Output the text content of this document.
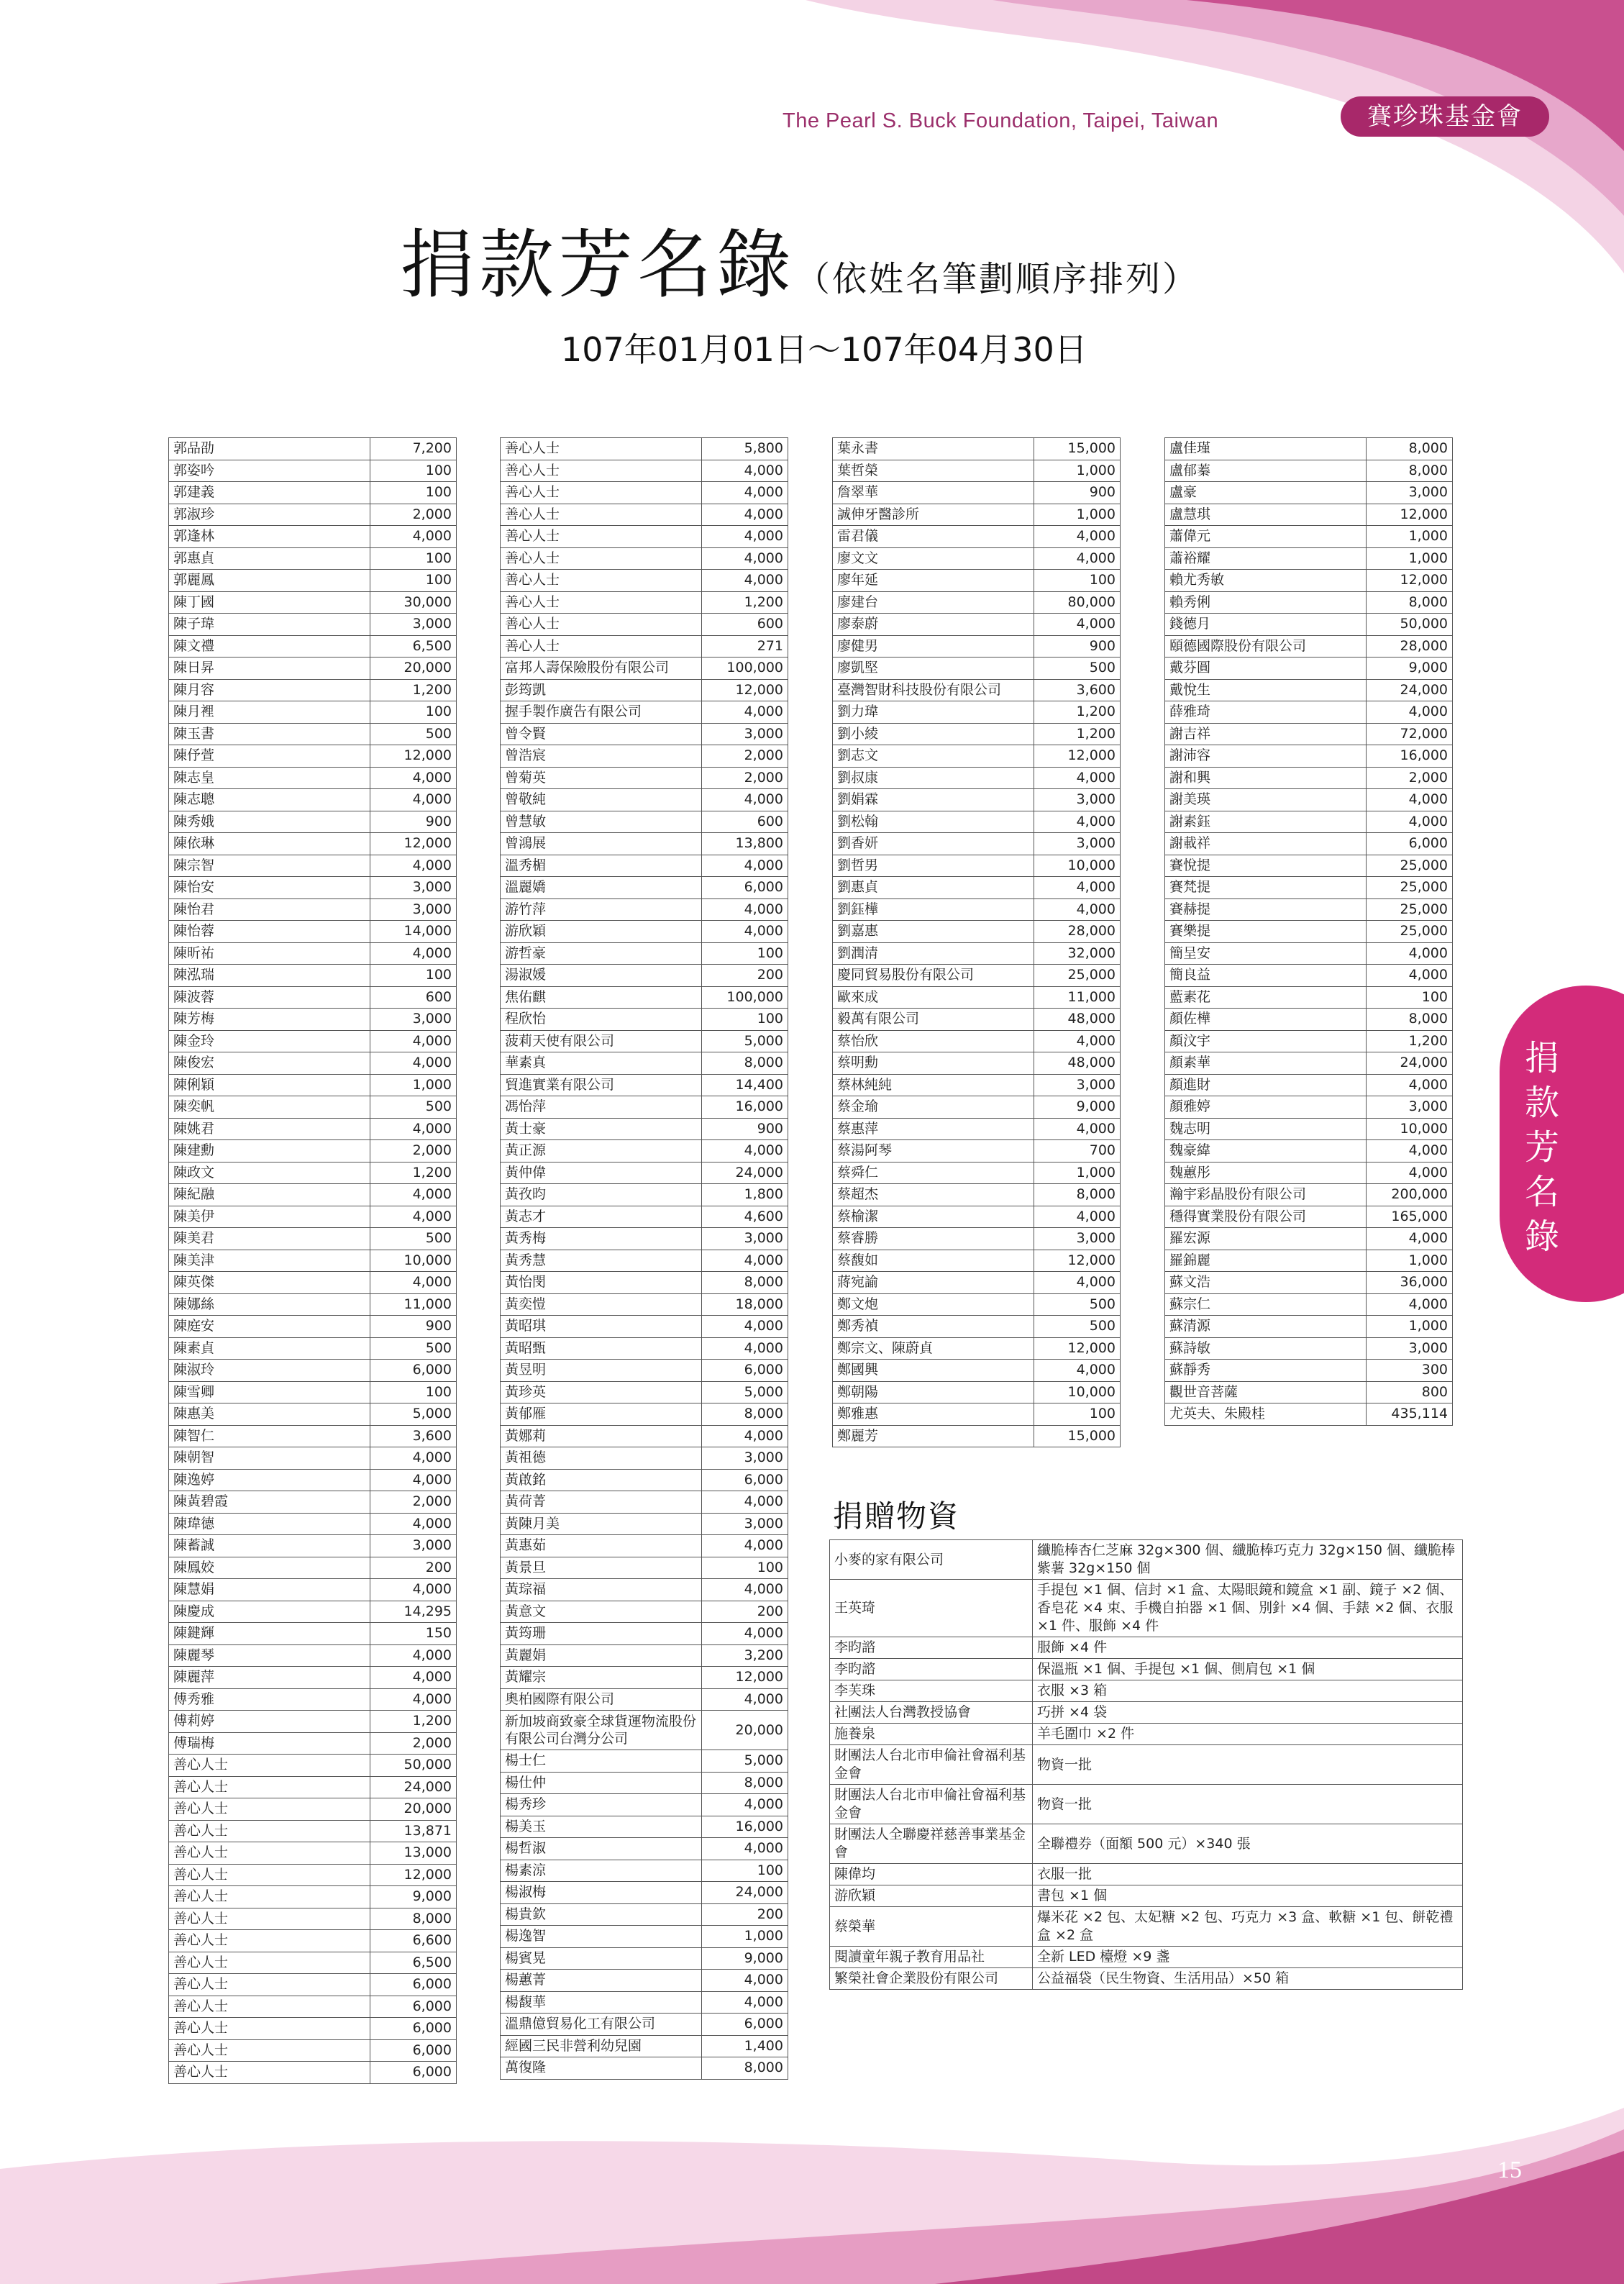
The Pearl S. Buck Foundation, Taipei, Taiwan	賽珍珠基金會
捐款芳名錄（依姓名筆劃順序排列）
107年01月01日～107年04月30日
捐款芳名錄
郭品劭	7,200
郭姿吟	100
郭建義	100
郭淑珍	2,000
郭逢林	4,000
郭惠貞	100
郭麗鳳	100
陳丁國	30,000
陳子瑋	3,000
陳文禮	6,500
陳日昇	20,000
陳月容	1,200
陳月裡	100
陳玉書	500
陳伃萱	12,000
陳志皇	4,000
陳志聰	4,000
陳秀娥	900
陳依琳	12,000
陳宗智	4,000
陳怡安	3,000
陳怡君	3,000
陳怡蓉	14,000
陳昕祐	4,000
陳泓瑞	100
陳波蓉	600
陳芳梅	3,000
陳金玲	4,000
陳俊宏	4,000
陳俐穎	1,000
陳奕帆	500
陳姚君	4,000
陳建勳	2,000
陳政文	1,200
陳紀融	4,000
陳美伊	4,000
陳美君	500
陳美津	10,000
陳英傑	4,000
陳娜絲	11,000
陳庭安	900
陳素貞	500
陳淑玲	6,000
陳雪卿	100
陳惠美	5,000
陳智仁	3,600
陳朝智	4,000
陳逸婷	4,000
陳黃碧霞	2,000
陳瑋德	4,000
陳蓄誠	3,000
陳鳳姣	200
陳慧娟	4,000
陳慶成	14,295
陳鍵輝	150
陳麗琴	4,000
陳麗萍	4,000
傅秀雅	4,000
傅莉婷	1,200
傅瑞梅	2,000
善心人士	50,000
善心人士	24,000
善心人士	20,000
善心人士	13,871
善心人士	13,000
善心人士	12,000
善心人士	9,000
善心人士	8,000
善心人士	6,600
善心人士	6,500
善心人士	6,000
善心人士	6,000
善心人士	6,000
善心人士	6,000
善心人士	6,000
善心人士	5,800
善心人士	4,000
善心人士	4,000
善心人士	4,000
善心人士	4,000
善心人士	4,000
善心人士	4,000
善心人士	1,200
善心人士	600
善心人士	271
富邦人壽保險股份有限公司	100,000
彭筠凱	12,000
握手製作廣告有限公司	4,000
曾令賢	3,000
曾浩宸	2,000
曾菊英	2,000
曾敬純	4,000
曾慧敏	600
曾鴻展	13,800
溫秀楣	4,000
溫麗嬌	6,000
游竹萍	4,000
游欣穎	4,000
游哲豪	100
湯淑媛	200
焦佑麒	100,000
程欣怡	100
菠莉天使有限公司	5,000
華素真	8,000
貿進實業有限公司	14,400
馮怡萍	16,000
黃士豪	900
黃正源	4,000
黃仲偉	24,000
黃孜昀	1,800
黃志才	4,600
黃秀梅	3,000
黃秀慧	4,000
黃怡閔	8,000
黃奕愷	18,000
黃昭琪	4,000
黃昭甄	4,000
黃昱明	6,000
黃珍英	5,000
黃郁雁	8,000
黃娜莉	4,000
黃祖德	3,000
黃啟銘	6,000
黃荷菁	4,000
黃陳月美	3,000
黃惠茹	4,000
黃景旦	100
黃琮福	4,000
黃意文	200
黃筠珊	4,000
黃麗娟	3,200
黃耀宗	12,000
奧柏國際有限公司	4,000
新加坡商致豪全球貨運物流股份有限公司台灣分公司	20,000
楊士仁	5,000
楊仕仲	8,000
楊秀珍	4,000
楊美玉	16,000
楊哲淑	4,000
楊素涼	100
楊淑梅	24,000
楊貴欽	200
楊逸智	1,000
楊賓晃	9,000
楊蕙菁	4,000
楊馥華	4,000
溫鼎億貿易化工有限公司	6,000
經國三民非營利幼兒園	1,400
萬復隆	8,000
葉永書	15,000
葉哲榮	1,000
詹翠華	900
誠伸牙醫診所	1,000
雷君儀	4,000
廖文文	4,000
廖年延	100
廖建台	80,000
廖泰蔚	4,000
廖健男	900
廖凱堅	500
臺灣智財科技股份有限公司	3,600
劉力瑋	1,200
劉小綾	1,200
劉志文	12,000
劉叔康	4,000
劉娟霖	3,000
劉松翰	4,000
劉香妍	3,000
劉哲男	10,000
劉惠貞	4,000
劉鈺樺	4,000
劉嘉惠	28,000
劉潤清	32,000
慶同貿易股份有限公司	25,000
歐來成	11,000
毅萬有限公司	48,000
蔡怡欣	4,000
蔡明勳	48,000
蔡林純純	3,000
蔡金瑜	9,000
蔡惠萍	4,000
蔡湯阿琴	700
蔡舜仁	1,000
蔡超杰	8,000
蔡榆潔	4,000
蔡睿勝	3,000
蔡馥如	12,000
蔣宛諭	4,000
鄭文炮	500
鄭秀禎	500
鄭宗文、陳蔚貞	12,000
鄭國興	4,000
鄭朝陽	10,000
鄭雅惠	100
鄭麗芳	15,000
盧佳瑾	8,000
盧郁蓁	8,000
盧豪	3,000
盧慧琪	12,000
蕭偉元	1,000
蕭裕耀	1,000
賴尤秀敏	12,000
賴秀俐	8,000
錢德月	50,000
頤德國際股份有限公司	28,000
戴芬圓	9,000
戴悅生	24,000
薛雅琦	4,000
謝吉祥	72,000
謝沛容	16,000
謝和興	2,000
謝美瑛	4,000
謝素鈺	4,000
謝載祥	6,000
賽悅提	25,000
賽梵提	25,000
賽赫提	25,000
賽樂提	25,000
簡呈安	4,000
簡良益	4,000
藍素花	100
顏佐樺	8,000
顏汶宇	1,200
顏素華	24,000
顏進財	4,000
顏雅婷	3,000
魏志明	10,000
魏豪緯	4,000
魏蕙彤	4,000
瀚宇彩晶股份有限公司	200,000
穩得實業股份有限公司	165,000
羅宏源	4,000
羅錦麗	1,000
蘇文浩	36,000
蘇宗仁	4,000
蘇清源	1,000
蘇詩敏	3,000
蘇靜秀	300
觀世音菩薩	800
尤英夫、朱殿桂	435,114
捐贈物資
小麥的家有限公司	纖脆棒杏仁芝麻 32g×300 個、纖脆棒巧克力 32g×150 個、纖脆棒紫薯 32g×150 個
王英琦	手提包 ×1 個、信封 ×1 盒、太陽眼鏡和鏡盒 ×1 副、鏡子 ×2 個、香皂花 ×4 束、手機自拍器 ×1 個、別針 ×4 個、手錶 ×2 個、衣服 ×1 件、服飾 ×4 件
李昀諮	服飾 ×4 件
李昀諮	保溫瓶 ×1 個、手提包 ×1 個、側肩包 ×1 個
李芙珠	衣服 ×3 箱
社團法人台灣教授協會	巧拼 ×4 袋
施養泉	羊毛圍巾 ×2 件
財團法人台北市申倫社會福利基金會	物資一批
財團法人台北市申倫社會福利基金會	物資一批
財團法人全聯慶祥慈善事業基金會	全聯禮券（面額 500 元）×340 張
陳偉均	衣服一批
游欣穎	書包 ×1 個
蔡榮華	爆米花 ×2 包、太妃糖 ×2 包、巧克力 ×3 盒、軟糖 ×1 包、餅乾禮盒 ×2 盒
閱讀童年親子教育用品社	全新 LED 檯燈 ×9 盞
繁榮社會企業股份有限公司	公益福袋（民生物資、生活用品）×50 箱
15
